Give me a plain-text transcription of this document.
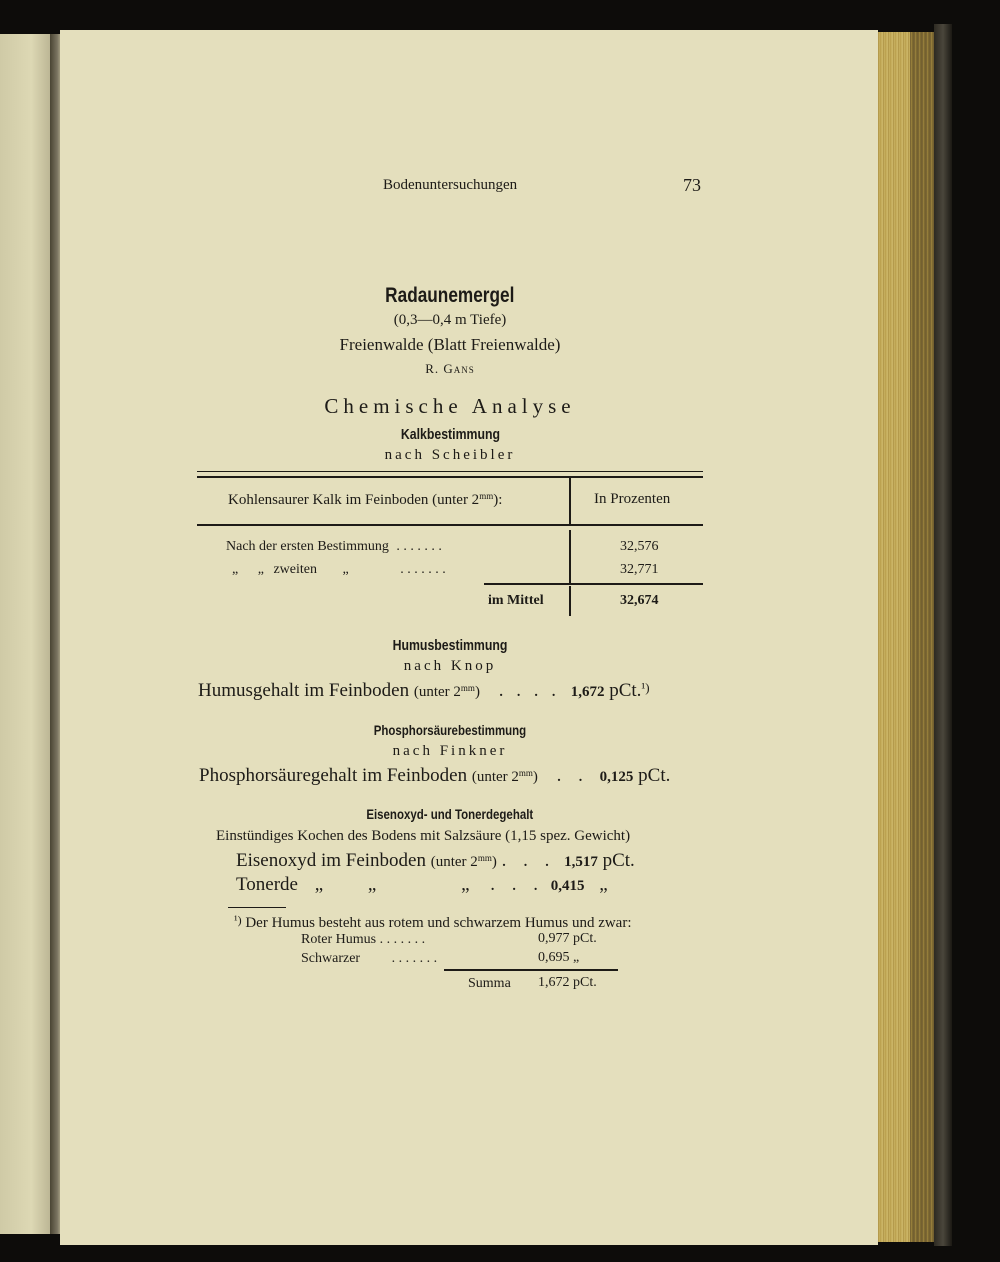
Bodenuntersuchungen	73
Radaunemergel
(0,3—0,4 m Tiefe)
Freienwalde (Blatt Freienwalde)
R. Gans
Chemische Analyse
Kalkbestimmung
nach Scheibler
Kohlensaurer Kalk im Feinboden (unter $2^{mm}$):	In Prozenten
Nach der ersten Bestimmung . . . . . . .	32,576
„ „ zweiten „	. . . . . . .	32,771
im Mittel	32,674
Humusbestimmung
nach Knop
Humusgehalt im Feinboden (unter $2^{mm}$) . . . . 1,672 pCt.$^{^1)}$
Phosphorsäurebestimmung
nach Finkner
Phosphorsäuregehalt im Feinboden (unter $2^{mm}$) . . 0,125 pCt.
Eisenoxyd- und Tonerdegehalt
Einstündiges Kochen des Bodens mit Salzsäure (1,15 spez. Gewicht)
Eisenoxyd im Feinboden (unter $2^{mm}$) . . . 1,517 pCt.
Tonerde „ „	„ . . . 0,415 „
$^{^1)}$ Der Humus besteht aus rotem und schwarzem Humus und zwar:
Roter Humus . . . . . . .	0,977 pCt.
Schwarzer . . . . . . .	0,695 „
Summa 1,672 pCt.
